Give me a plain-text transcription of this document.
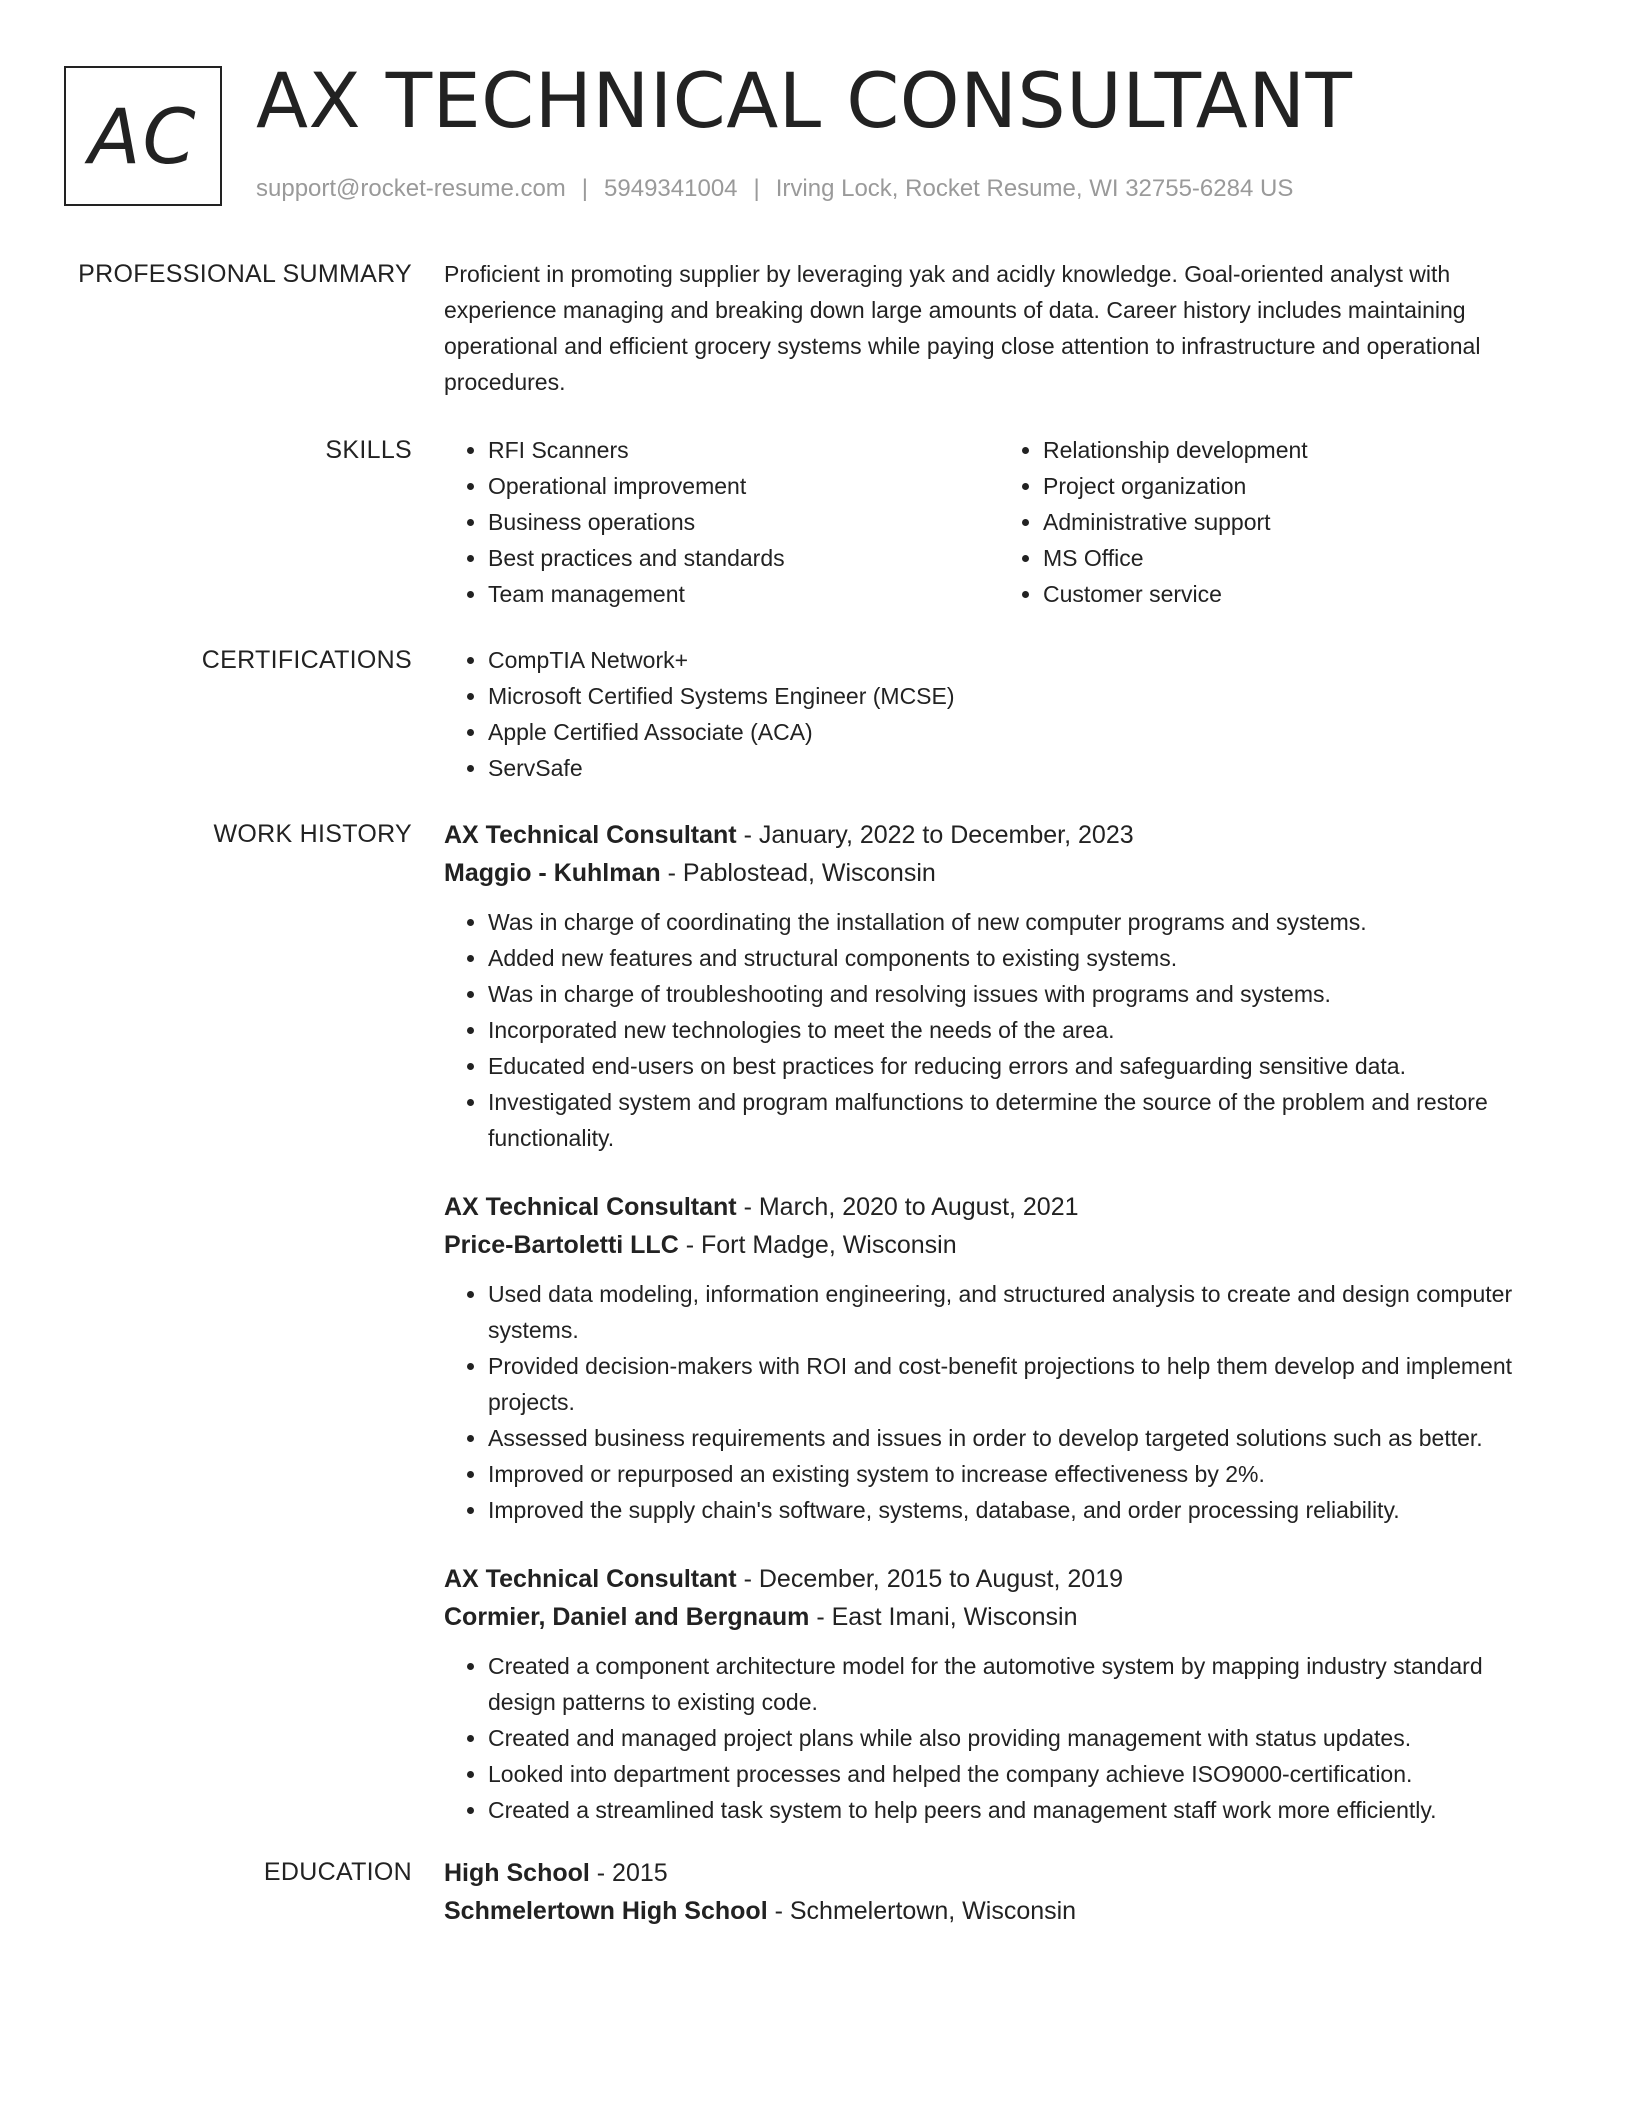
AC AX TECHNICAL CONSULTANT
support@rocket-resume.com | 5949341004 | Irving Lock, Rocket Resume, WI 32755-6284 US
PROFESSIONAL SUMMARY Proficient in promoting supplier by leveraging yak and acidly knowledge. Goal-oriented analyst with experience managing and breaking down large amounts of data. Career history includes maintaining operational and efficient grocery systems while paying close attention to infrastructure and operational procedures.
SKILLS	• RFI Scanners
• Operational improvement
• Business operations
• Best practices and standards
• Team management
• Relationship development
• Project organization
• Administrative support
• MS Office
• Customer service
CERTIFICATIONS	• CompTIA Network+
• Microsoft Certified Systems Engineer (MCSE)
• Apple Certified Associate (ACA)
• ServSafe
WORK HISTORY AX Technical Consultant - January, 2022 to December, 2023
Maggio - Kuhlman - Pablostead, Wisconsin
• Was in charge of coordinating the installation of new computer programs and systems.
• Added new features and structural components to existing systems.
• Was in charge of troubleshooting and resolving issues with programs and systems.
• Incorporated new technologies to meet the needs of the area.
• Educated end-users on best practices for reducing errors and safeguarding sensitive data.
• Investigated system and program malfunctions to determine the source of the problem and restore functionality.
AX Technical Consultant - March, 2020 to August, 2021
Price-Bartoletti LLC - Fort Madge, Wisconsin
• Used data modeling, information engineering, and structured analysis to create and design computer systems.
• Provided decision-makers with ROI and cost-benefit projections to help them develop and implement projects.
• Assessed business requirements and issues in order to develop targeted solutions such as better.
• Improved or repurposed an existing system to increase effectiveness by 2%.
• Improved the supply chain's software, systems, database, and order processing reliability.
AX Technical Consultant - December, 2015 to August, 2019
Cormier, Daniel and Bergnaum - East Imani, Wisconsin
• Created a component architecture model for the automotive system by mapping industry standard design patterns to existing code.
• Created and managed project plans while also providing management with status updates.
• Looked into department processes and helped the company achieve ISO9000-certification.
• Created a streamlined task system to help peers and management staff work more efficiently.
EDUCATION High School - 2015
Schmelertown High School - Schmelertown, Wisconsin
